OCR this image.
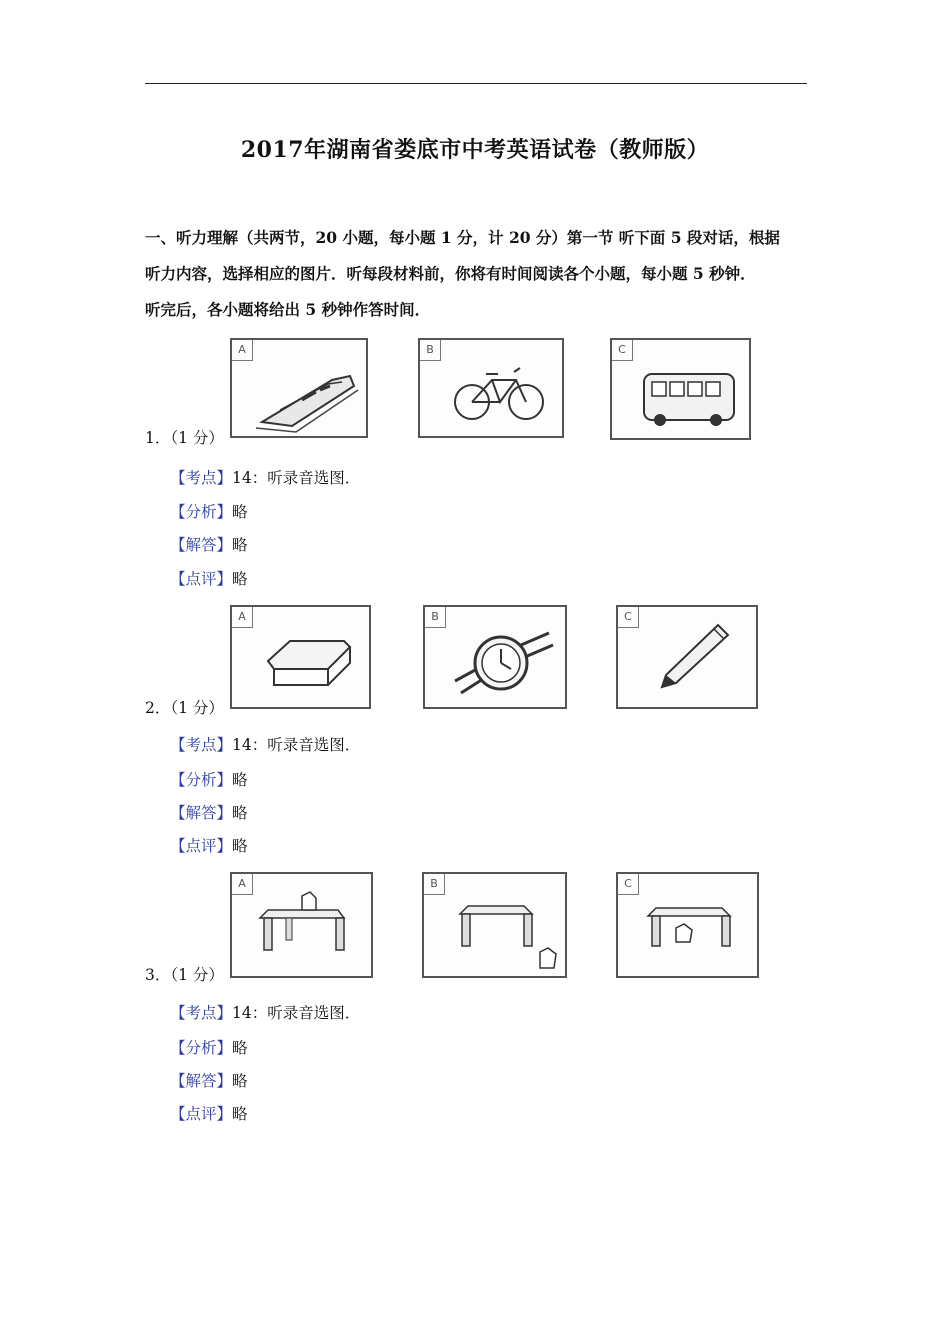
2017年湖南省娄底市中考英语试卷（教师版）

一、听力理解（共两节，20 小题，每小题 1 分，计 20 分）第一节 听下面 5 段对话，根据

听力内容，选择相应的图片．听每段材料前，你将有时间阅读各个小题，每小题 5 秒钟．

听完后，各小题将给出 5 秒钟作答时间．

A	B	C
1．（1 分）
【考点】14：听录音选图．
【分析】略
【解答】略
【点评】略
A	B	C
2．（1 分）
【考点】14：听录音选图．
【分析】略
【解答】略
【点评】略
A	B	C
3．（1 分）
【考点】14：听录音选图．
【分析】略
【解答】略
【点评】略
